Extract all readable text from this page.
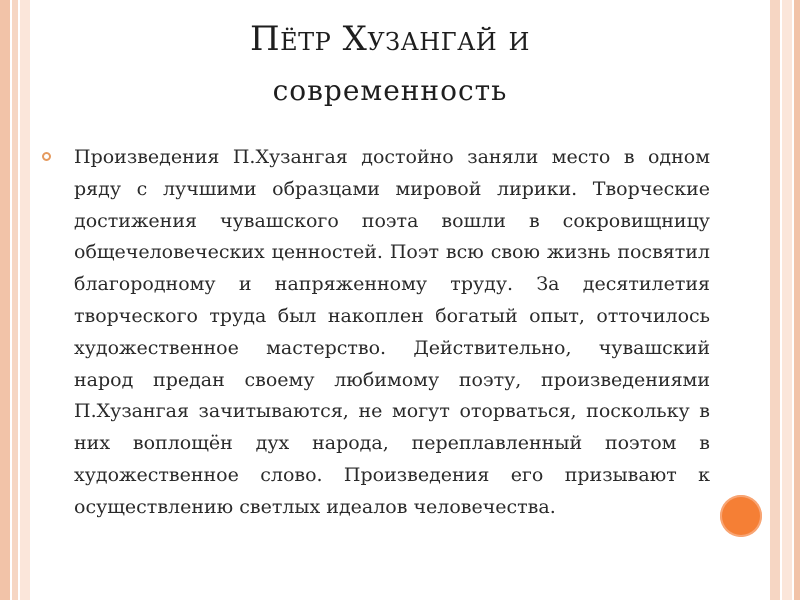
Пётр Хузангай и
современность
Произведения П.Хузангая достойно заняли место в одном ряду с лучшими образцами мировой лирики. Творческие достижения чувашского поэта вошли в сокровищницу общечеловеческих ценностей. Поэт всю свою жизнь посвятил благородному и напряженному труду. За десятилетия творческого труда был накоплен богатый опыт, отточилось художественное мастерство. Действительно, чувашский народ предан своему любимому поэту, произведениями П.Хузангая зачитываются, не могут оторваться, поскольку в них воплощён дух народа, переплавленный поэтом в художественное слово. Произведения его призывают к осуществлению светлых идеалов человечества.
